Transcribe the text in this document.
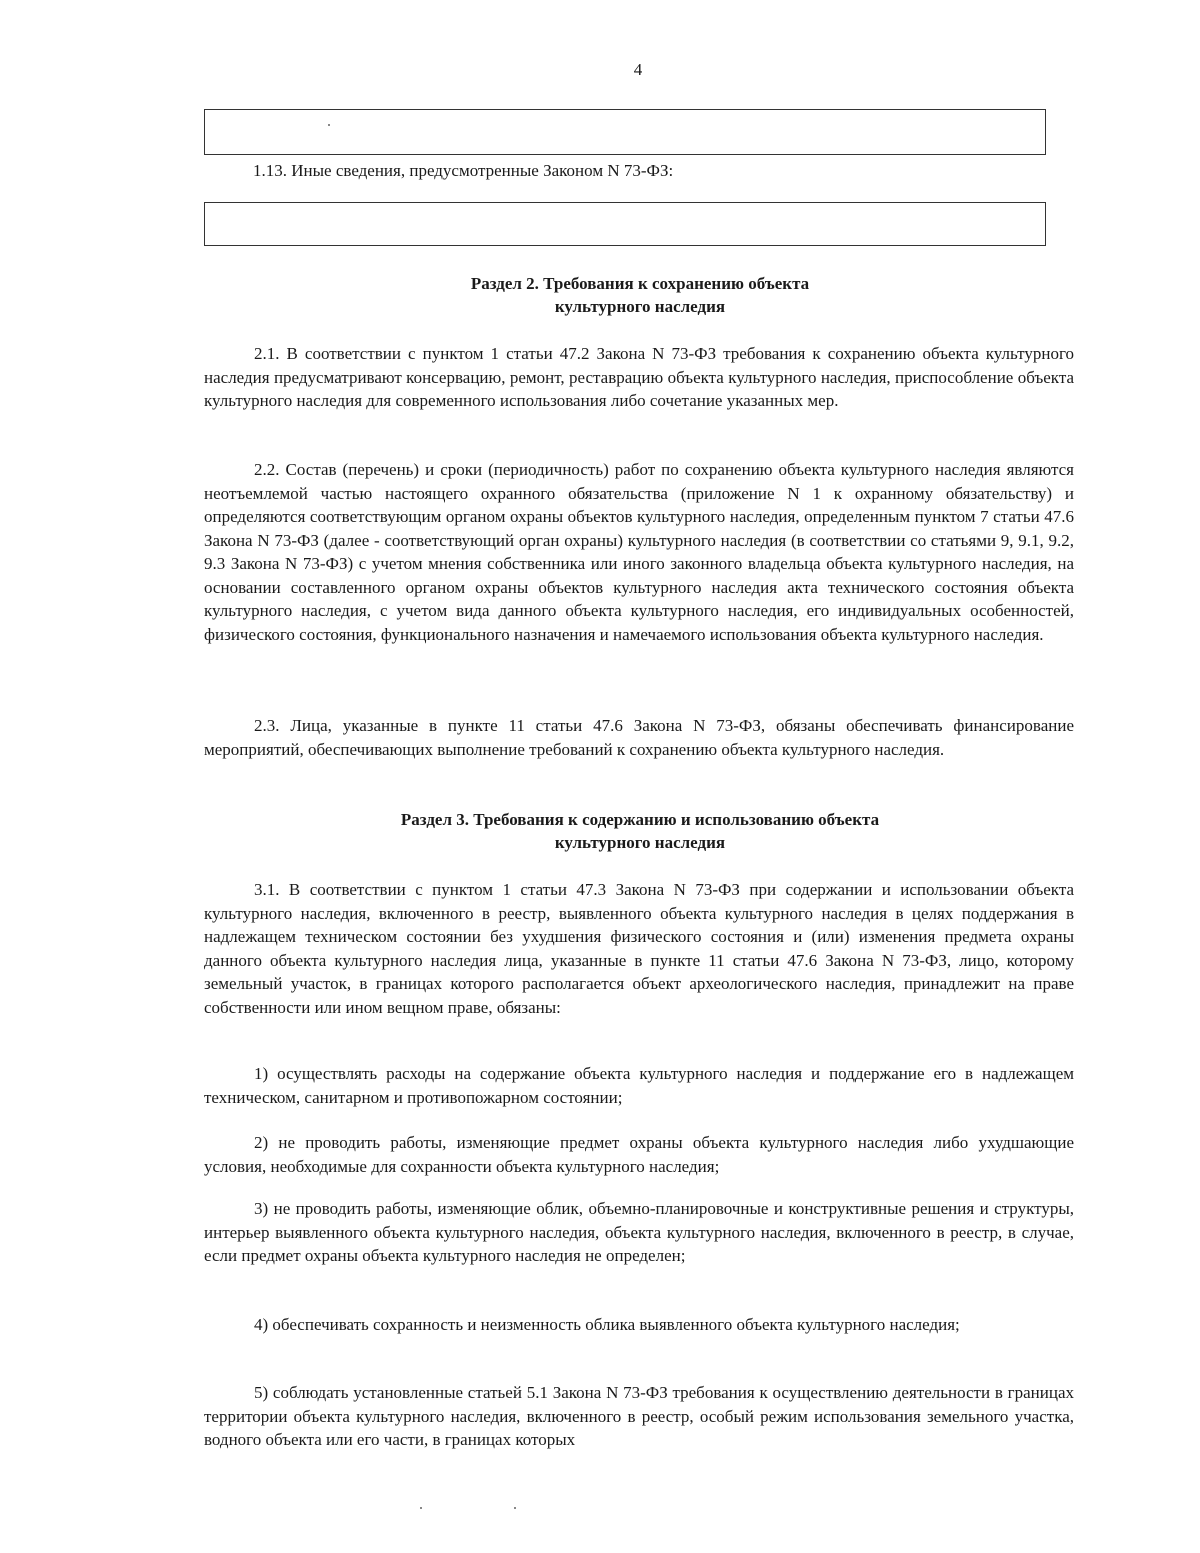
4
1.13. Иные сведения, предусмотренные Законом N 73-ФЗ:
Раздел 2. Требования к сохранению объекта
культурного наследия

2.1. В соответствии с пунктом 1 статьи 47.2 Закона N 73-ФЗ требования к сохранению объекта культурного наследия предусматривают консервацию, ремонт, реставрацию объекта культурного наследия, приспособление объекта культурного наследия для современного использования либо сочетание указанных мер.

2.2. Состав (перечень) и сроки (периодичность) работ по сохранению объекта культурного наследия являются неотъемлемой частью настоящего охранного обязательства (приложение N 1 к охранному обязательству) и определяются соответствующим органом охраны объектов культурного наследия, определенным пунктом 7 статьи 47.6 Закона N 73-ФЗ (далее - соответствующий орган охраны) культурного наследия (в соответствии со статьями 9, 9.1, 9.2, 9.3 Закона N 73-ФЗ) с учетом мнения собственника или иного законного владельца объекта культурного наследия, на основании составленного органом охраны объектов культурного наследия акта технического состояния объекта культурного наследия, с учетом вида данного объекта культурного наследия, его индивидуальных особенностей, физического состояния, функционального назначения и намечаемого использования объекта культурного наследия.

2.3. Лица, указанные в пункте 11 статьи 47.6 Закона N 73-ФЗ, обязаны обеспечивать финансирование мероприятий, обеспечивающих выполнение требований к сохранению объекта культурного наследия.

Раздел 3. Требования к содержанию и использованию объекта
культурного наследия

3.1. В соответствии с пунктом 1 статьи 47.3 Закона N 73-ФЗ при содержании и использовании объекта культурного наследия, включенного в реестр, выявленного объекта культурного наследия в целях поддержания в надлежащем техническом состоянии без ухудшения физического состояния и (или) изменения предмета охраны данного объекта культурного наследия лица, указанные в пункте 11 статьи 47.6 Закона N 73-ФЗ, лицо, которому земельный участок, в границах которого располагается объект археологического наследия, принадлежит на праве собственности или ином вещном праве, обязаны:

1) осуществлять расходы на содержание объекта культурного наследия и поддержание его в надлежащем техническом, санитарном и противопожарном состоянии;

2) не проводить работы, изменяющие предмет охраны объекта культурного наследия либо ухудшающие условия, необходимые для сохранности объекта культурного наследия;

3) не проводить работы, изменяющие облик, объемно-планировочные и конструктивные решения и структуры, интерьер выявленного объекта культурного наследия, объекта культурного наследия, включенного в реестр, в случае, если предмет охраны объекта культурного наследия не определен;

4) обеспечивать сохранность и неизменность облика выявленного объекта культурного наследия;

5) соблюдать установленные статьей 5.1 Закона N 73-ФЗ требования к осуществлению деятельности в границах территории объекта культурного наследия, включенного в реестр, особый режим использования земельного участка, водного объекта или его части, в границах которых
